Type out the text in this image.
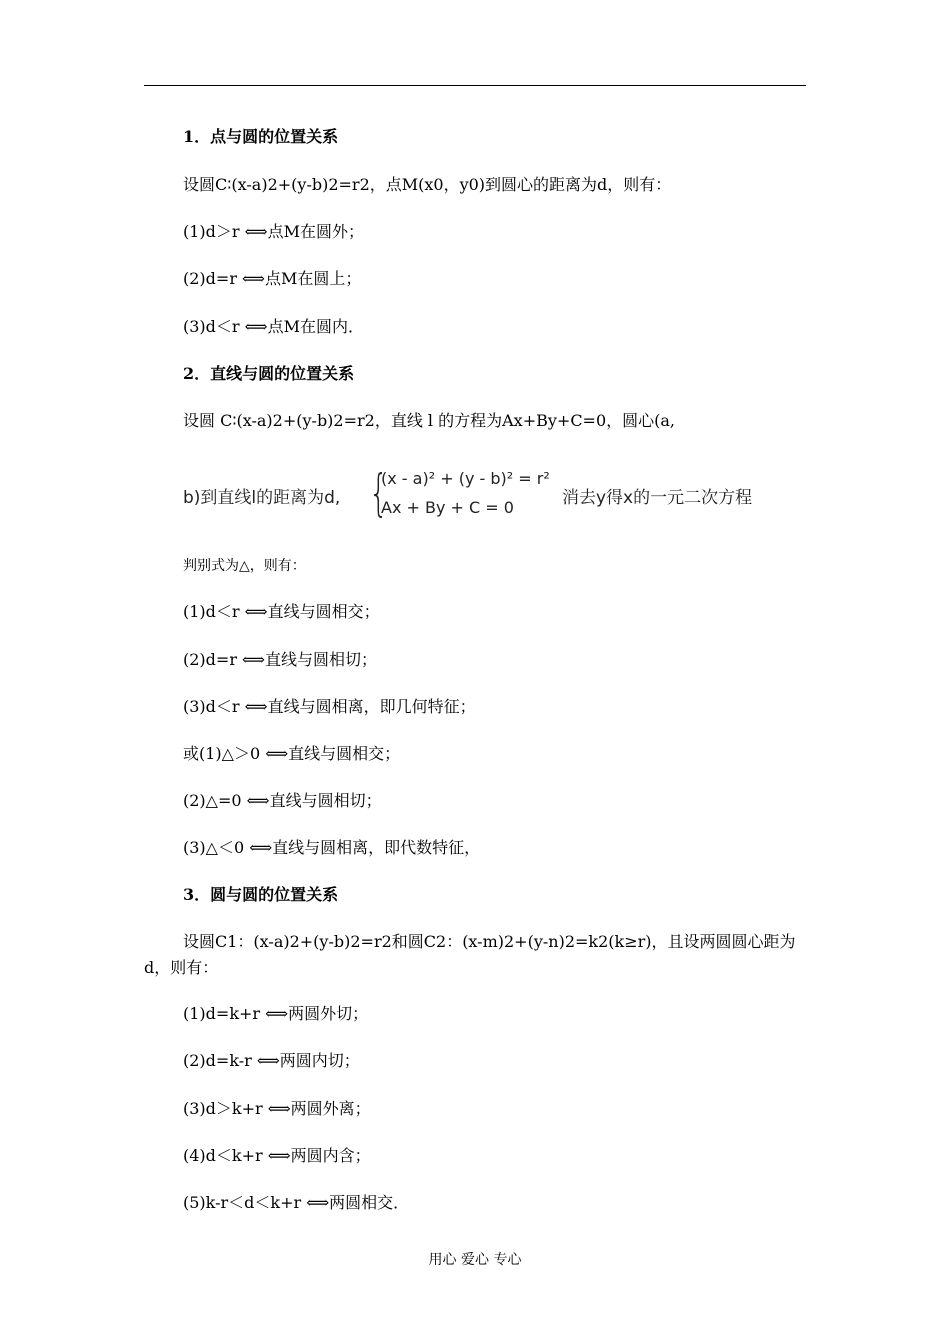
1．点与圆的位置关系
设圆C∶(x-a)2+(y-b)2=r2，点M(x0，y0)到圆心的距离为d，则有：
(1)d＞r ⟺点M在圆外；
(2)d=r ⟺点M在圆上；
(3)d＜r ⟺点M在圆内．
2．直线与圆的位置关系
设圆 C∶(x-a)2+(y-b)2=r2，直线 l 的方程为Ax+By+C=0，圆心(a,
b)到直线l的距离为d, {
(x - a)² + (y - b)² = r²
Ax + By + C = 0	消去y得x的一元二次方程
判别式为△，则有：
(1)d＜r ⟺直线与圆相交；
(2)d=r ⟺直线与圆相切；
(3)d＜r ⟺直线与圆相离，即几何特征；
或(1)△＞0 ⟺直线与圆相交；
(2)△=0 ⟺直线与圆相切；
(3)△＜0 ⟺直线与圆相离，即代数特征，
3．圆与圆的位置关系
设圆C1：(x-a)2+(y-b)2=r2和圆C2：(x-m)2+(y-n)2=k2(k≥r)，且设两圆圆心距为d，则有：
(1)d=k+r ⟺两圆外切；
(2)d=k-r ⟺两圆内切；
(3)d＞k+r ⟺两圆外离；
(4)d＜k+r ⟺两圆内含；
(5)k-r＜d＜k+r ⟺两圆相交．
用心 爱心 专心
